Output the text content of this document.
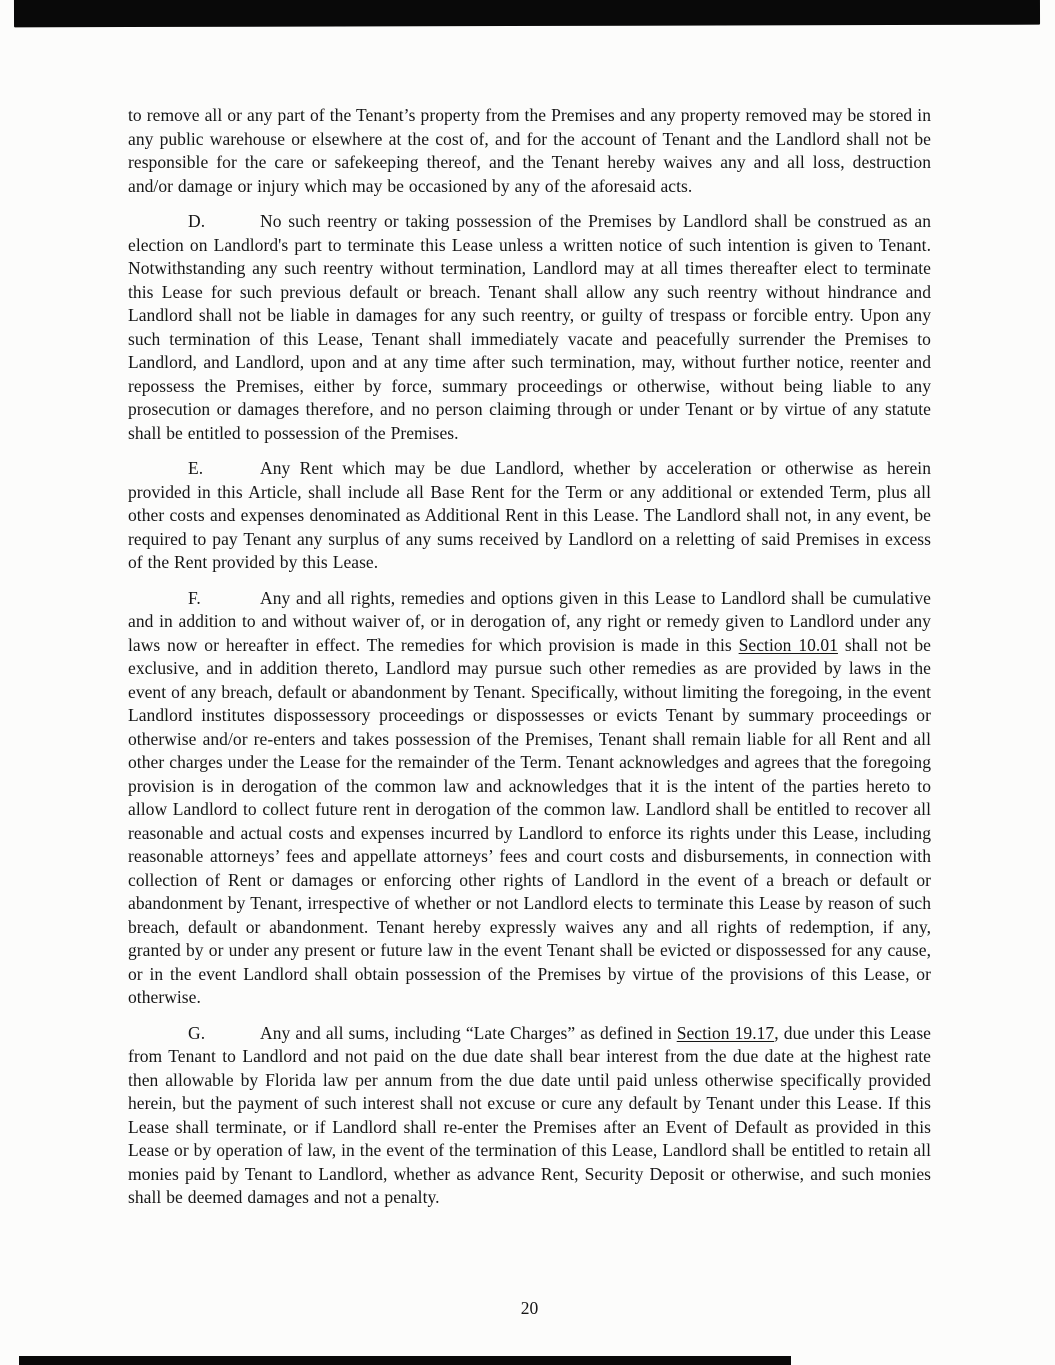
to remove all or any part of the Tenant’s property from the Premises and any property removed may be stored in any public warehouse or elsewhere at the cost of, and for the account of Tenant and the Landlord shall not be responsible for the care or safekeeping thereof, and the Tenant hereby waives any and all loss, destruction and/or damage or injury which may be occasioned by any of the aforesaid acts.

D.	No such reentry or taking possession of the Premises by Landlord shall be construed as an election on Landlord's part to terminate this Lease unless a written notice of such intention is given to Tenant. Notwithstanding any such reentry without termination, Landlord may at all times thereafter elect to terminate this Lease for such previous default or breach. Tenant shall allow any such reentry without hindrance and Landlord shall not be liable in damages for any such reentry, or guilty of trespass or forcible entry. Upon any such termination of this Lease, Tenant shall immediately vacate and peacefully surrender the Premises to Landlord, and Landlord, upon and at any time after such termination, may, without further notice, reenter and repossess the Premises, either by force, summary proceedings or otherwise, without being liable to any prosecution or damages therefore, and no person claiming through or under Tenant or by virtue of any statute shall be entitled to possession of the Premises.

E.	Any Rent which may be due Landlord, whether by acceleration or otherwise as herein provided in this Article, shall include all Base Rent for the Term or any additional or extended Term, plus all other costs and expenses denominated as Additional Rent in this Lease. The Landlord shall not, in any event, be required to pay Tenant any surplus of any sums received by Landlord on a reletting of said Premises in excess of the Rent provided by this Lease.

F.	Any and all rights, remedies and options given in this Lease to Landlord shall be cumulative and in addition to and without waiver of, or in derogation of, any right or remedy given to Landlord under any laws now or hereafter in effect. The remedies for which provision is made in this Section 10.01 shall not be exclusive, and in addition thereto, Landlord may pursue such other remedies as are provided by laws in the event of any breach, default or abandonment by Tenant. Specifically, without limiting the foregoing, in the event Landlord institutes dispossessory proceedings or dispossesses or evicts Tenant by summary proceedings or otherwise and/or re-enters and takes possession of the Premises, Tenant shall remain liable for all Rent and all other charges under the Lease for the remainder of the Term. Tenant acknowledges and agrees that the foregoing provision is in derogation of the common law and acknowledges that it is the intent of the parties hereto to allow Landlord to collect future rent in derogation of the common law. Landlord shall be entitled to recover all reasonable and actual costs and expenses incurred by Landlord to enforce its rights under this Lease, including reasonable attorneys’ fees and appellate attorneys’ fees and court costs and disbursements, in connection with collection of Rent or damages or enforcing other rights of Landlord in the event of a breach or default or abandonment by Tenant, irrespective of whether or not Landlord elects to terminate this Lease by reason of such breach, default or abandonment. Tenant hereby expressly waives any and all rights of redemption, if any, granted by or under any present or future law in the event Tenant shall be evicted or dispossessed for any cause, or in the event Landlord shall obtain possession of the Premises by virtue of the provisions of this Lease, or otherwise.

G.	Any and all sums, including “Late Charges” as defined in Section 19.17, due under this Lease from Tenant to Landlord and not paid on the due date shall bear interest from the due date at the highest rate then allowable by Florida law per annum from the due date until paid unless otherwise specifically provided herein, but the payment of such interest shall not excuse or cure any default by Tenant under this Lease. If this Lease shall terminate, or if Landlord shall re-enter the Premises after an Event of Default as provided in this Lease or by operation of law, in the event of the termination of this Lease, Landlord shall be entitled to retain all monies paid by Tenant to Landlord, whether as advance Rent, Security Deposit or otherwise, and such monies shall be deemed damages and not a penalty.

20
